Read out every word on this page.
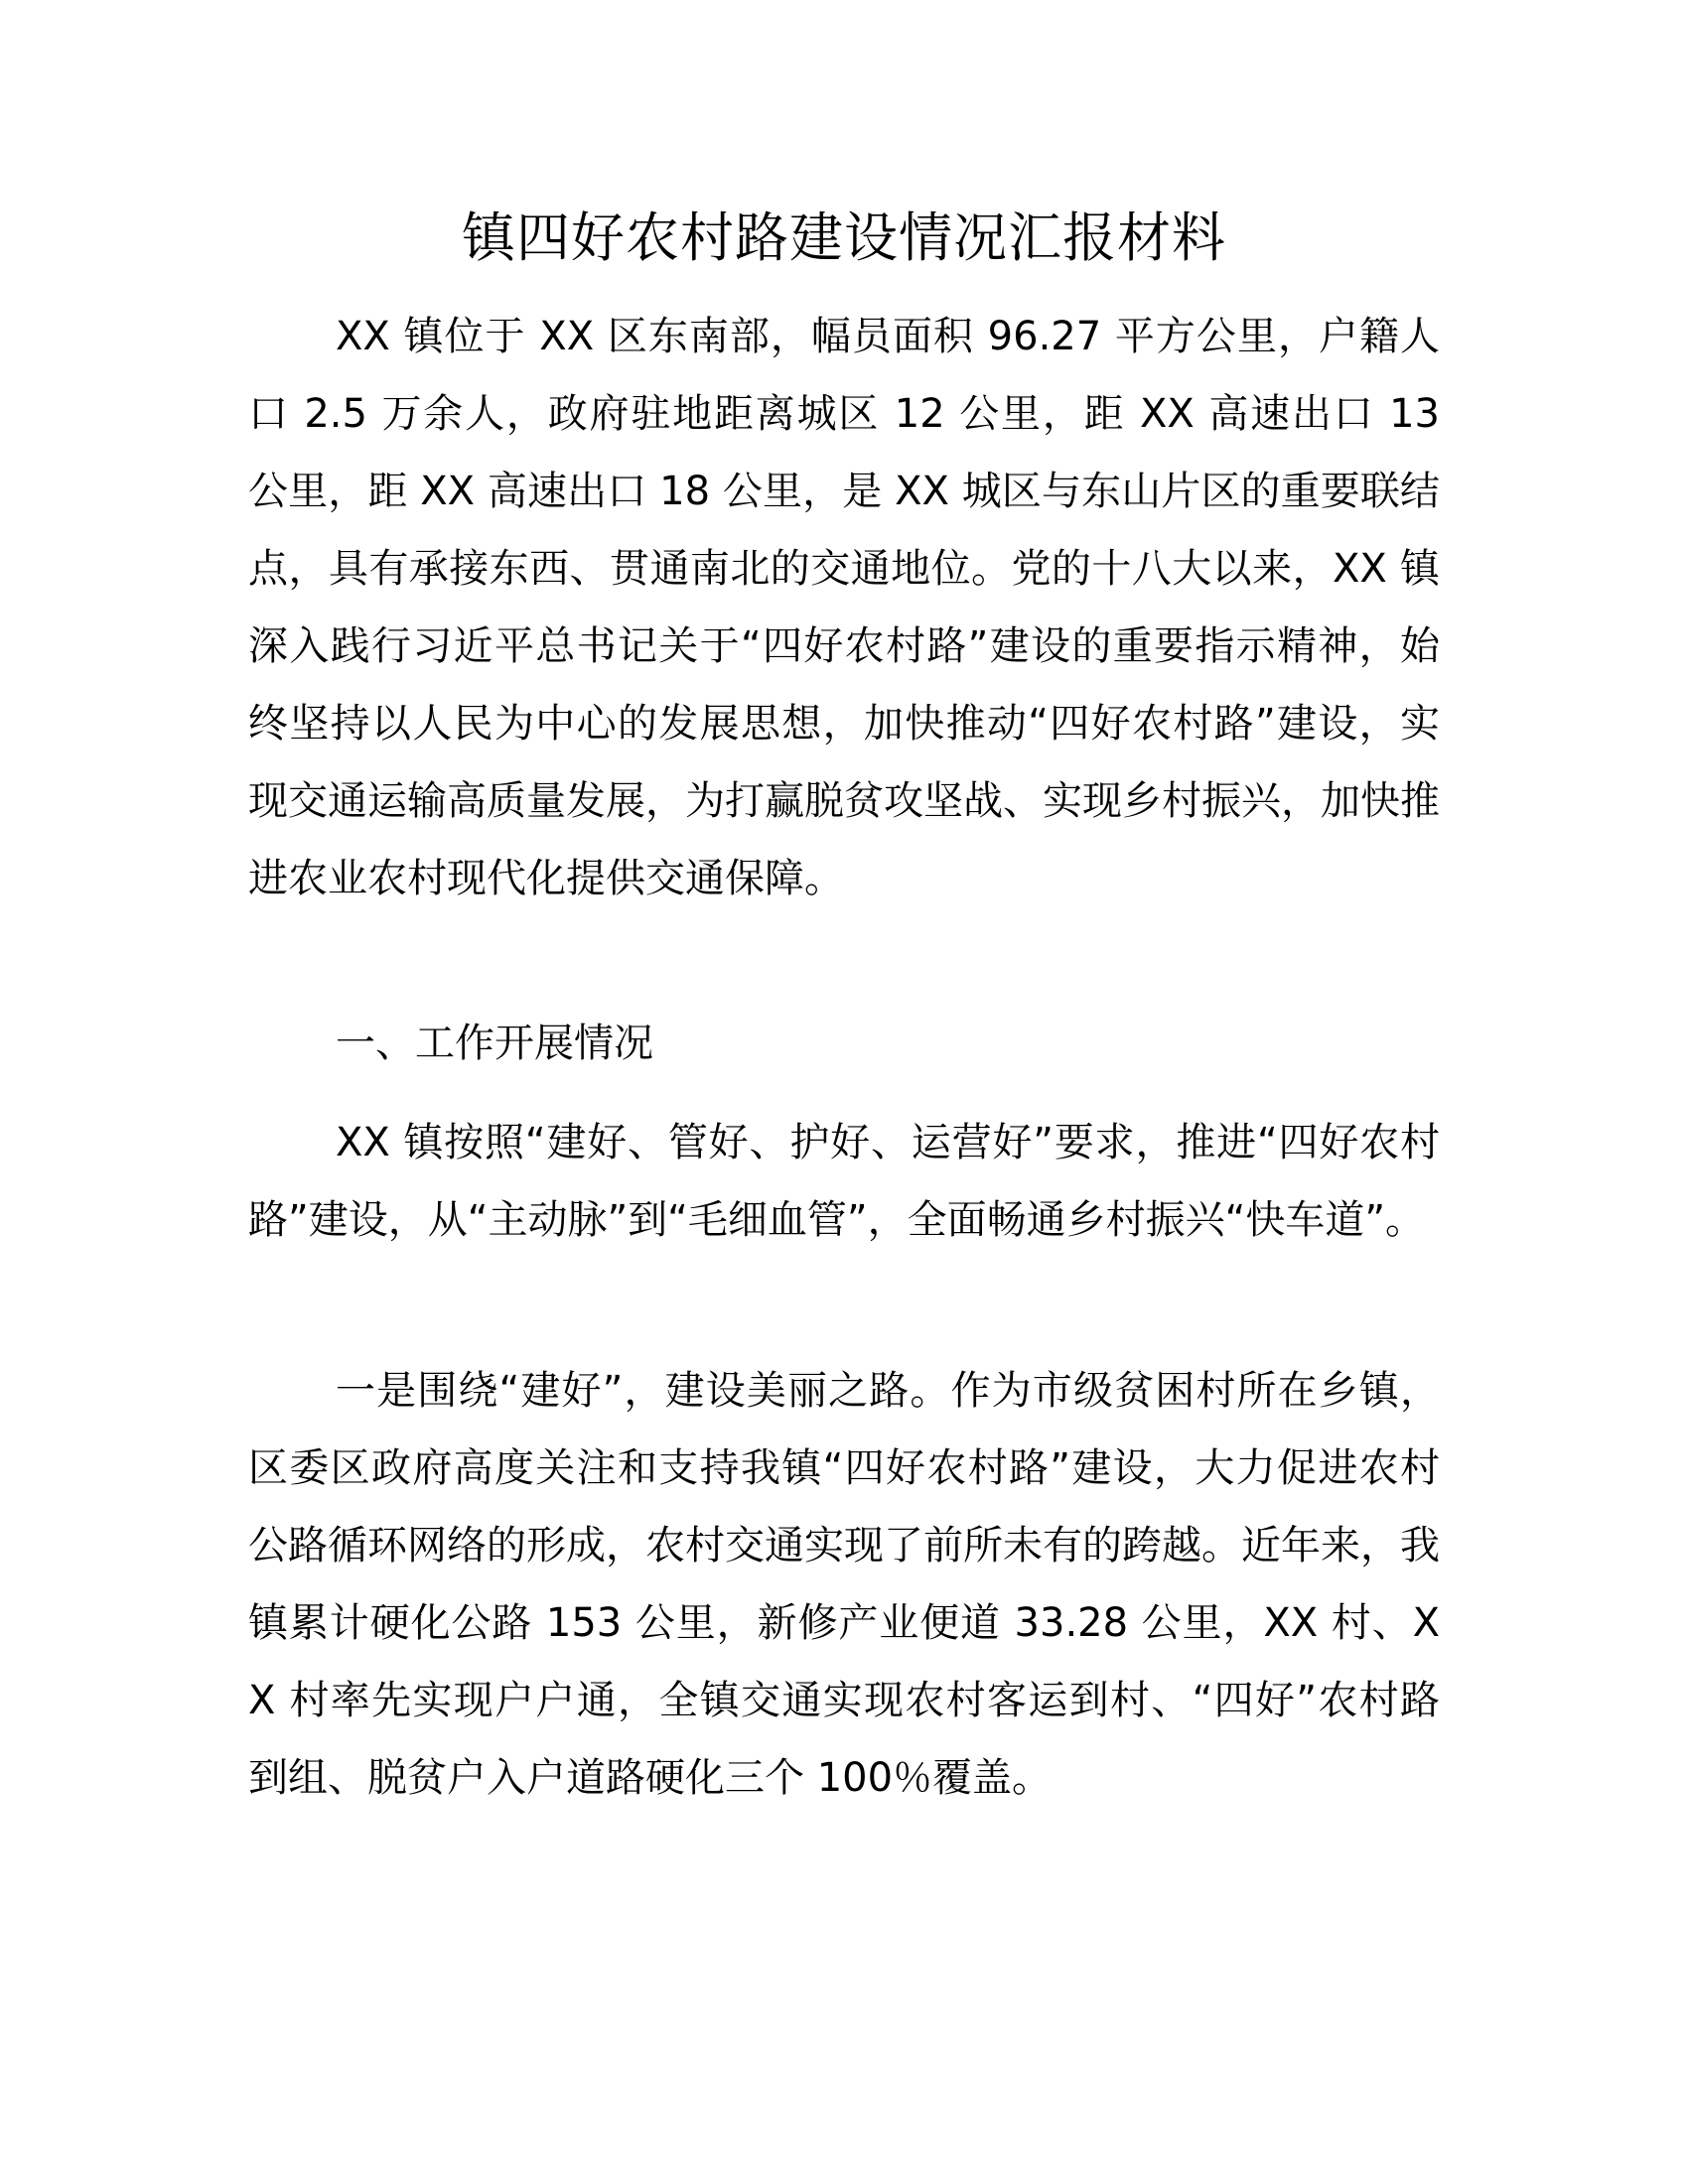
镇四好农村路建设情况汇报材料

XX 镇位于 XX 区东南部，幅员面积 96.27 平方公里，户籍人口 2.5 万余人，政府驻地距离城区 12 公里，距 XX 高速出口 13 公里，距 XX 高速出口 18 公里，是 XX 城区与东山片区的重要联结点，具有承接东西、贯通南北的交通地位。党的十八大以来，XX 镇深入践行习近平总书记关于“四好农村路”建设的重要指示精神，始终坚持以人民为中心的发展思想，加快推动“四好农村路”建设，实现交通运输高质量发展，为打赢脱贫攻坚战、实现乡村振兴，加快推进农业农村现代化提供交通保障。

一、工作开展情况

XX 镇按照“建好、管好、护好、运营好”要求，推进“四好农村路”建设，从“主动脉”到“毛细血管”，全面畅通乡村振兴“快车道”。

一是围绕“建好”，建设美丽之路。作为市级贫困村所在乡镇，区委区政府高度关注和支持我镇“四好农村路”建设，大力促进农村公路循环网络的形成，农村交通实现了前所未有的跨越。近年来，我镇累计硬化公路 153 公里，新修产业便道 33.28 公里，XX 村、XX 村率先实现户户通，全镇交通实现农村客运到村、“四好”农村路到组、脱贫户入户道路硬化三个 100％覆盖。
